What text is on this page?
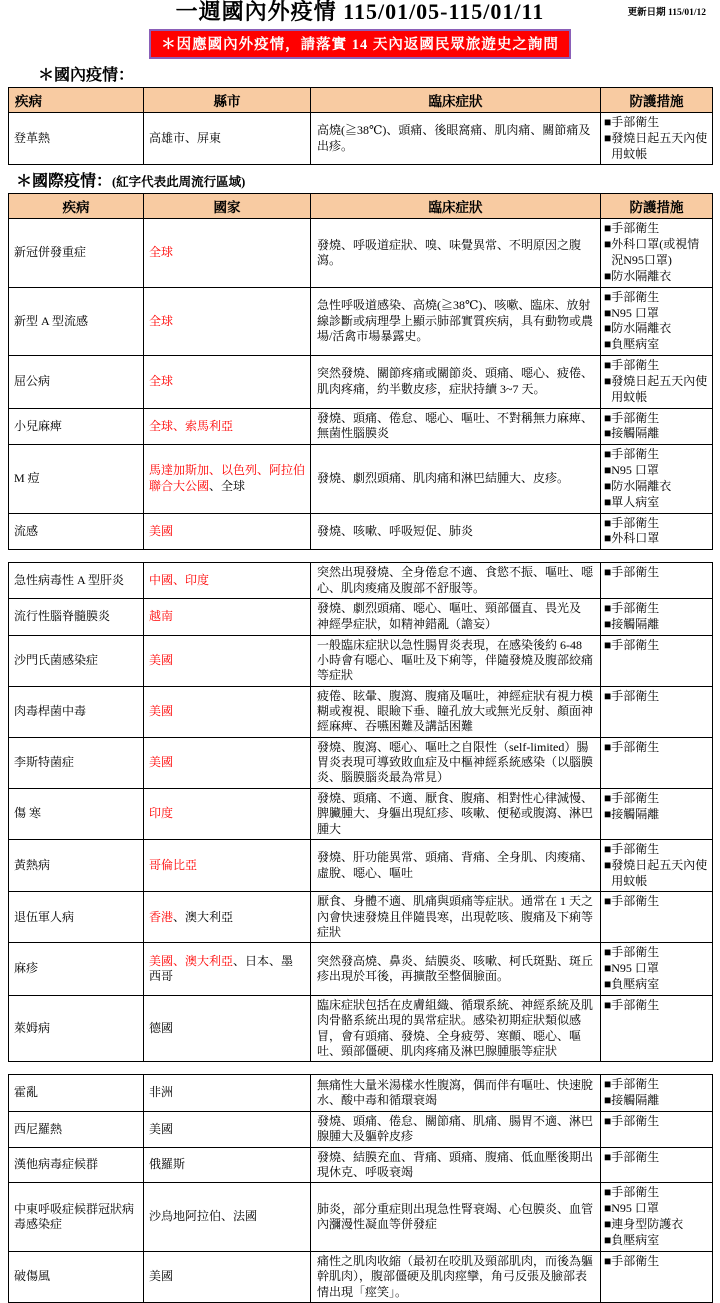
一週國內外疫情 115/01/05-115/01/11	更新日期 115/01/12
＊因應國內外疫情，請落實 14 天內返國民眾旅遊史之詢問
＊國內疫情：
疾病	縣市	臨床症狀	防護措施
登革熱	高雄市、屏東	高燒(≧38℃)、頭痛、後眼窩痛、肌肉痛、關節痛及出疹。	■ 手部衛生
■ 發燒日起五天內使用蚊帳
＊國際疫情：(紅字代表此周流行區域)
疾病	國家	臨床症狀	防護措施
新冠併發重症	全球	發燒、呼吸道症狀、嗅、味覺異常、不明原因之腹瀉。	
■ 手部衛生
■ 外科口罩(或視情況N95口罩)
■ 防水隔離衣

新型 A 型流感	全球	急性呼吸道感染、高燒(≧38℃)、咳嗽、臨床、放射線診斷或病理學上顯示肺部實質疾病，具有動物或農場/活禽市場暴露史。	
■ 手部衛生
■ N95 口罩
■ 防水隔離衣
■ 負壓病室

屈公病	全球	突然發燒、關節疼痛或關節炎、頭痛、噁心、疲倦、肌肉疼痛，約半數皮疹，症狀持續 3~7 天。	■ 手部衛生
■ 發燒日起五天內使用蚊帳

小兒麻痺	全球、索馬利亞	發燒、頭痛、倦怠、噁心、嘔吐、不對稱無力麻痺、無菌性腦膜炎	■ 手部衛生
■ 接觸隔離

M 痘	馬達加斯加、以色列、阿拉伯聯合大公國、全球	發燒、劇烈頭痛、肌肉痛和淋巴結腫大、皮疹。	
■ 手部衛生
■ N95 口罩
■ 防水隔離衣
■ 單人病室

流感	美國	發燒、咳嗽、呼吸短促、肺炎	■ 手部衛生
■ 外科口罩
急性病毒性 A 型肝炎	中國、印度	突然出現發燒、全身倦怠不適、食慾不振、嘔吐、噁心、肌肉痠痛及腹部不舒服等。	■ 手部衛生

流行性腦脊髓膜炎	越南	發燒、劇烈頭痛、噁心、嘔吐、頸部僵直、畏光及 神經學症狀，如精神錯亂（譫妄）	■ 手部衛生
■ 接觸隔離

沙門氏菌感染症	美國	一般臨床症狀以急性腸胃炎表現，在感染後約 6-48 小時會有噁心、嘔吐及下痢等，伴隨發燒及腹部絞痛等症狀	■ 手部衛生

肉毒桿菌中毒	美國	疲倦、眩暈、腹瀉、腹痛及嘔吐，神經症狀有視力模糊或複視、眼瞼下垂、瞳孔放大或無光反射、顏面神經麻痺、吞嚥困難及講話困難	■ 手部衛生

李斯特菌症	美國	發燒、腹瀉、噁心、嘔吐之自限性（self-limited）腸胃炎表現可導致敗血症及中樞神經系統感染（以腦膜炎、腦膜腦炎最為常見）	■ 手部衛生

傷 寒	印度	發燒、頭痛、不適、厭食、腹痛、相對性心律減慢、脾臟腫大、身軀出現紅疹、咳嗽、便秘或腹瀉、淋巴腫大	■ 手部衛生
■ 接觸隔離

黃熱病	哥倫比亞	發燒、肝功能異常、頭痛、背痛、全身肌、肉痠痛、虛脫、噁心、嘔吐	■ 手部衛生
■ 發燒日起五天內使用蚊帳

退伍軍人病	香港、澳大利亞	厭食、身體不適、肌痛與頭痛等症狀。通常在 1 天之內會快速發燒且伴隨畏寒，出現乾咳、腹痛及下痢等症狀	■ 手部衛生

麻疹	美國、澳大利亞、日本、墨西哥	突然發高燒、鼻炎、結膜炎、咳嗽、柯氏斑點、斑丘疹出現於耳後，再擴散至整個臉面。	
■ 手部衛生
■ N95 口罩
■ 負壓病室

萊姆病	德國	臨床症狀包括在皮膚組織、循環系統、神經系統及肌肉骨骼系統出現的異常症狀。感染初期症狀類似感冒，會有頭痛、發燒、全身疲勞、寒顫、噁心、嘔吐、頸部僵硬、肌肉疼痛及淋巴腺腫脹等症狀	■ 手部衛生
霍亂	非洲	無痛性大量米湯樣水性腹瀉，偶而伴有嘔吐、快速脫水、酸中毒和循環衰竭	■ 手部衛生
■ 接觸隔離

西尼羅熱	美國	發燒、頭痛、倦怠、關節痛、肌痛、腸胃不適、淋巴腺腫大及軀幹皮疹	■ 手部衛生

漢他病毒症候群	俄羅斯	發燒、結膜充血、背痛、頭痛、腹痛、低血壓後期出現休克、呼吸衰竭	■ 手部衛生

中東呼吸症候群冠狀病毒感染症	沙烏地阿拉伯、法國	肺炎，部分重症則出現急性腎衰竭、心包膜炎、血管內瀰漫性凝血等併發症	
■ 手部衛生
■ N95 口罩
■ 連身型防護衣
■ 負壓病室

破傷風	美國	痛性之肌肉收縮（最初在咬肌及頸部肌肉，而後為軀幹肌肉），腹部僵硬及肌肉痙攣，角弓反張及臉部表情出現「痙笑」。	■ 手部衛生
